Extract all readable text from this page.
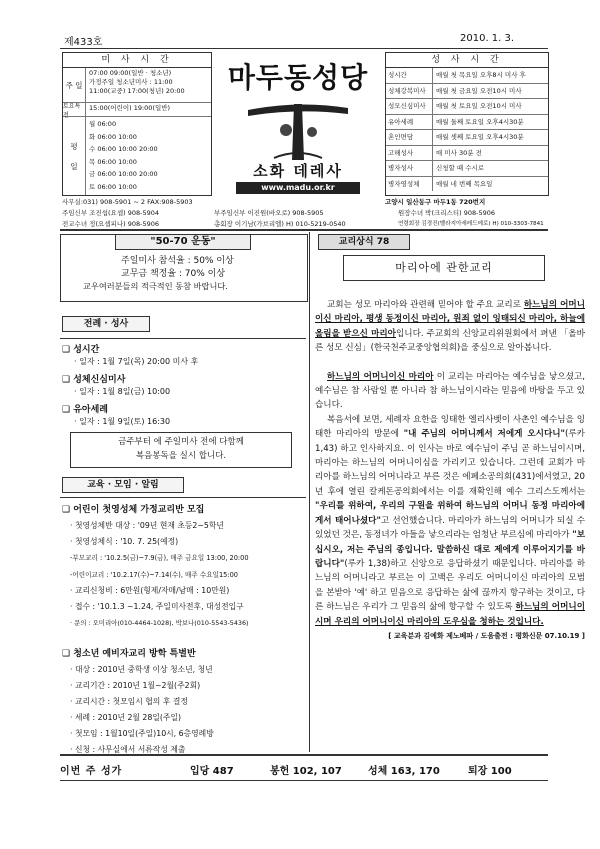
제433호	2010. 1. 3.
미 사 시 간
주 일
07:00 09:00(일반 · 청소년)
가정주일 청소년미사 : 11:00
11:00(교중) 17:00(청년) 20:00
토요특전
15:00(어린이) 19:00(일반)
평

일
월 06:00
화 06:00 10:00
수 06:00 10:00 20:00
목 06:00 10:00
금 06:00 10:00 20:00
토 06:00 10:00
마두동성당
소화 데레사
www.madu.or.kr
성 사 시 간
성시간	매월 첫 목요일 오후8시 미사 후
성체강복미사	매월 첫 금요일 오전10시 미사
성모신심미사	매월 첫 토요일 오전10시 미사
유아세례	매월 둘째 토요일 오후4시30분
혼인면담	매월 셋째 토요일 오후4시30분
고해성사	매 미사 30분 전
병자성사	신청할 때 수시로
병자영성체	매월 네 번째 목요일
사무실:031) 908-5901 ~ 2 FAX:908-5903	고양시 일산동구 마두1동 720번지
주임신부 조진섭(요셉) 908-5904	부주임신부 이진원(바오로) 908-5905	원장수녀 박(크리스티) 908-5906
전교수녀 정(요셉피나) 908-5906	총회장 이기남(가브리엘) H) 010-5219-0540	연령회장 김경진(벨라지아세레드메로) H) 010-3303-7841
"50-70 운동"
주일미사 참석율 : 50% 이상
교무금 책정율 : 70% 이상
교우여러분들의 적극적인 동참 바랍니다.
전례 · 성사
❑ 성시간
· 일자 : 1월 7일(목) 20:00 미사 후
❑ 성체신심미사
· 일자 : 1월 8일(금) 10:00
❑ 유아세례
· 일자 : 1월 9일(토) 16:30
금주부터 에 주일미사 전에 다함께
복음봉독을 실시 합니다.
교육 · 모임 · 알림
❑ 어린이 첫영성체 가정교리반 모집
· 첫영성체반 대상 : '09년 현재 초등2~5학년
· 첫영성체식 : '10. 7. 25(예정)
-부모교리 : '10.2.5(금)~7.9(금), 매주 금요일 13:00, 20:00
-어린이교리 : '10.2.17(수)~7.14(수), 매주 수요일15:00
· 교리신청비 : 6만원(형제/자매/남매 : 10만원)
· 접수 : '10.1.3 ~1.24, 주일미사전후, 대성전입구
· 문의 : 오미리아(010-4464-1028), 박보나(010-5543-5436)
❑ 청소년 예비자교리 방학 특별반
· 대상 : 2010년 중학생 이상 청소년, 청년
· 교리기간 : 2010년 1월~2월(주2회)
· 교리시간 : 첫모임시 협의 후 결정
· 세례 : 2010년 2월 28일(주일)
· 첫모임 : 1월10일(주일)10시, 6층영례방
· 신청 : 사무실에서 서류작성 제출
교리상식 78
마리아에 관한교리

교회는 성모 마리아와 관련해 믿어야 할 주요 교리로 하느님의 어머니이신 마리아, 평생 동정이신 마리아, 원죄 없이 잉태되신 마리아, 하늘에 올림을 받으신 마리아입니다. 주교회의 신앙교리위원회에서 펴낸 「올바른 성모 신심」(한국천주교중앙협의회)을 중심으로 알아봅니다.

하느님의 어머니이신 마리아 이 교리는 마리아는 예수님을 낳으셨고, 예수님은 참 사람일 뿐 아니라 참 하느님이시라는 믿음에 바탕을 두고 있습니다.

복음서에 보면, 세례자 요한을 잉태한 엘리사벳이 사촌인 예수님을 잉태한 마리아의 방문에 "내 주님의 어머니께서 저에게 오시다니"(루카 1,43) 하고 인사하지요. 이 인사는 바로 예수님이 주님 곧 하느님이시며, 마리아는 하느님의 어머니이심을 가리키고 있습니다. 그런데 교회가 마리아를 하느님의 어머니라고 부른 것은 에페소공의회(431)에서였고, 20년 후에 열린 칼케돈공의회에서는 이를 재확인해 예수 그리스도께서는 "우리를 위하여, 우리의 구원을 위하여 하느님의 어머니 동정 마리아에게서 태어나셨다"고 선언했습니다. 마리아가 하느님의 어머니가 되실 수 있었던 것은, 동정녀가 아들을 낳으리라는 엄청난 부르심에 마리아가 "보십시오, 저는 주님의 종입니다. 말씀하신 대로 제에게 이루어지기를 바랍니다"(루카 1,38)하고 신앙으로 응답하셨기 때문입니다. 마리아를 하느님의 어머니라고 부르는 이 고백은 우리도 어머니이신 마리아의 모범을 본받아 '예' 하고 믿음으로 응답하는 삶에 끊까지 항구하는 것이고, 다른 하느님은 우리가 그 믿음의 삶에 항구할 수 있도록 하느님의 어머니이시며 우리의 어머니이신 마리아의 도우심을 청하는 것입니다.

[ 교육분과 김예화 제노베파 / 도움출전 : 평화신문 07.10.19 ]

이번 주 성가	입당 487	봉헌 102, 107	성체 163, 170	퇴장 100
